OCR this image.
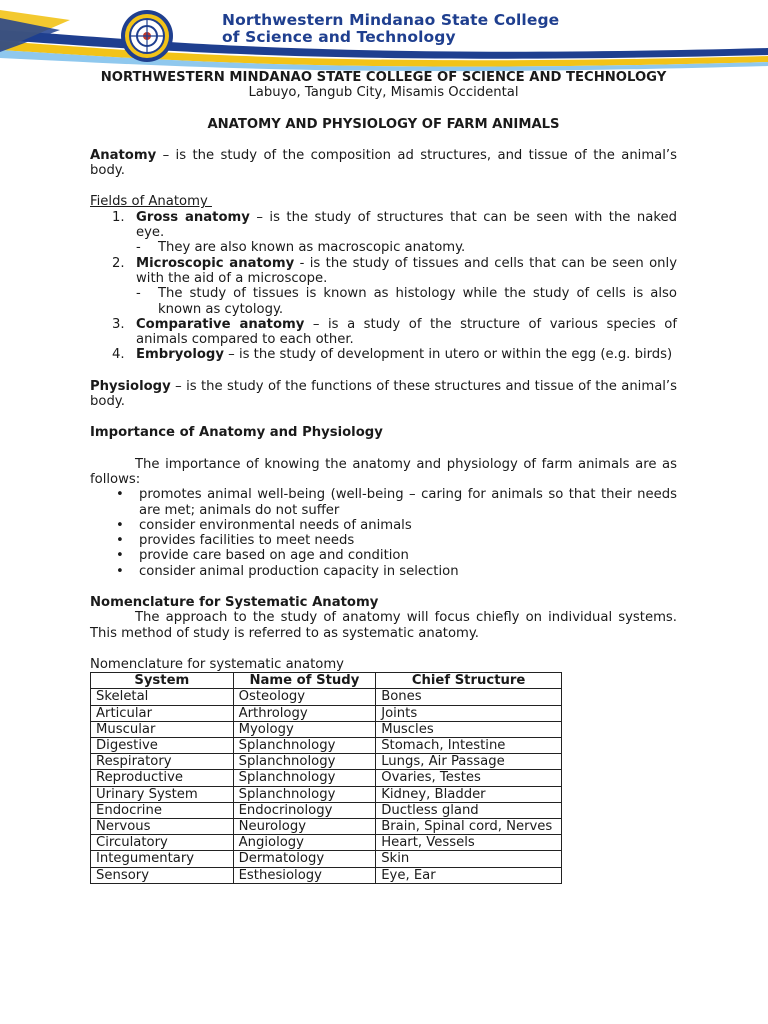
Northwestern Mindanao State College
of Science and Technology
NORTHWESTERN MINDANAO STATE COLLEGE OF SCIENCE AND TECHNOLOGY
Labuyo, Tangub City, Misamis Occidental
ANATOMY AND PHYSIOLOGY OF FARM ANIMALS
Anatomy – is the study of the composition ad structures, and tissue of the animal’s body.
Fields of Anatomy
1. Gross anatomy – is the study of structures that can be seen with the naked eye.
- They are also known as macroscopic anatomy.
2. Microscopic anatomy - is the study of tissues and cells that can be seen only with the aid of a microscope.
- The study of tissues is known as histology while the study of cells is also known as cytology.
3. Comparative anatomy – is a study of the structure of various species of animals compared to each other.
4. Embryology – is the study of development in utero or within the egg (e.g. birds)
Physiology – is the study of the functions of these structures and tissue of the animal’s body.
Importance of Anatomy and Physiology
The importance of knowing the anatomy and physiology of farm animals are as follows:
• promotes animal well-being (well-being – caring for animals so that their needs are met; animals do not suffer
• consider environmental needs of animals
• provides facilities to meet needs
• provide care based on age and condition
• consider animal production capacity in selection
Nomenclature for Systematic Anatomy
The approach to the study of anatomy will focus chiefly on individual systems. This method of study is referred to as systematic anatomy.
Nomenclature for systematic anatomy
System	Name of Study	Chief Structure
Skeletal	Osteology	Bones
Articular	Arthrology	Joints
Muscular	Myology	Muscles
Digestive	Splanchnology	Stomach, Intestine
Respiratory	Splanchnology	Lungs, Air Passage
Reproductive	Splanchnology	Ovaries, Testes
Urinary System	Splanchnology	Kidney, Bladder
Endocrine	Endocrinology	Ductless gland
Nervous	Neurology	Brain, Spinal cord, Nerves
Circulatory	Angiology	Heart, Vessels
Integumentary	Dermatology	Skin
Sensory	Esthesiology	Eye, Ear
